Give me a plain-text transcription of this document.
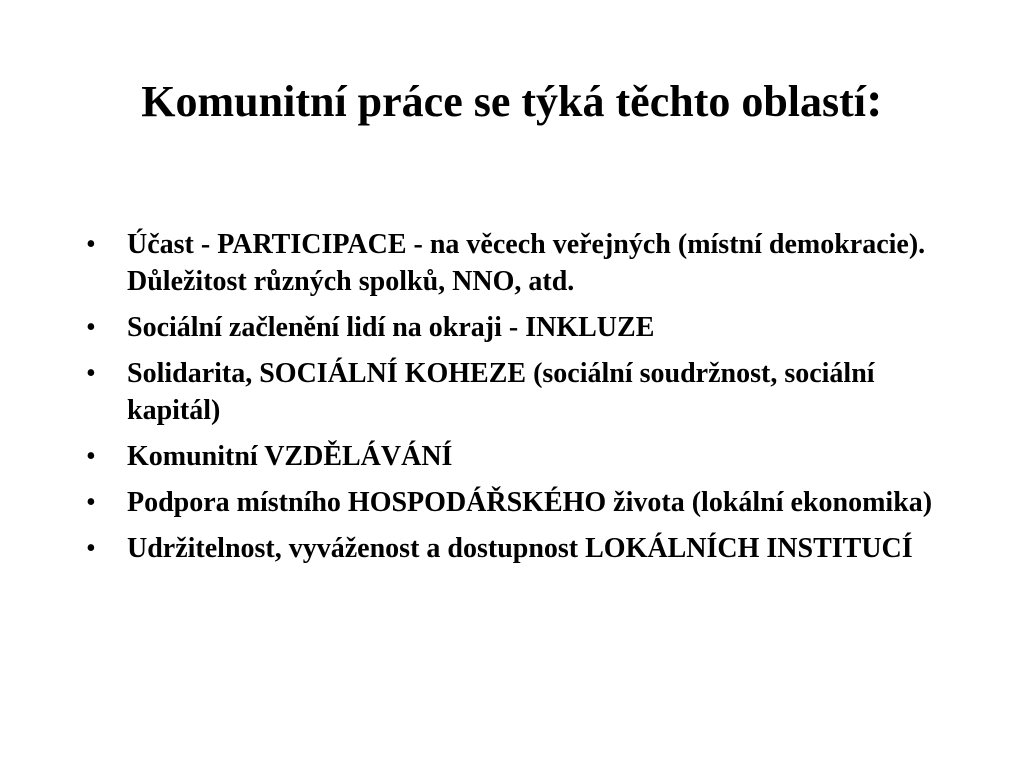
Komunitní práce se týká těchto oblastí:
• Účast - PARTICIPACE - na věcech veřejných (místní demokracie). Důležitost různých spolků, NNO, atd.
• Sociální začlenění lidí na okraji - INKLUZE
• Solidarita, SOCIÁLNÍ KOHEZE (sociální soudržnost, sociální kapitál)
• Komunitní VZDĚLÁVÁNÍ
• Podpora místního HOSPODÁŘSKÉHO života (lokální ekonomika)
• Udržitelnost, vyváženost a dostupnost LOKÁLNÍCH INSTITUCÍ
